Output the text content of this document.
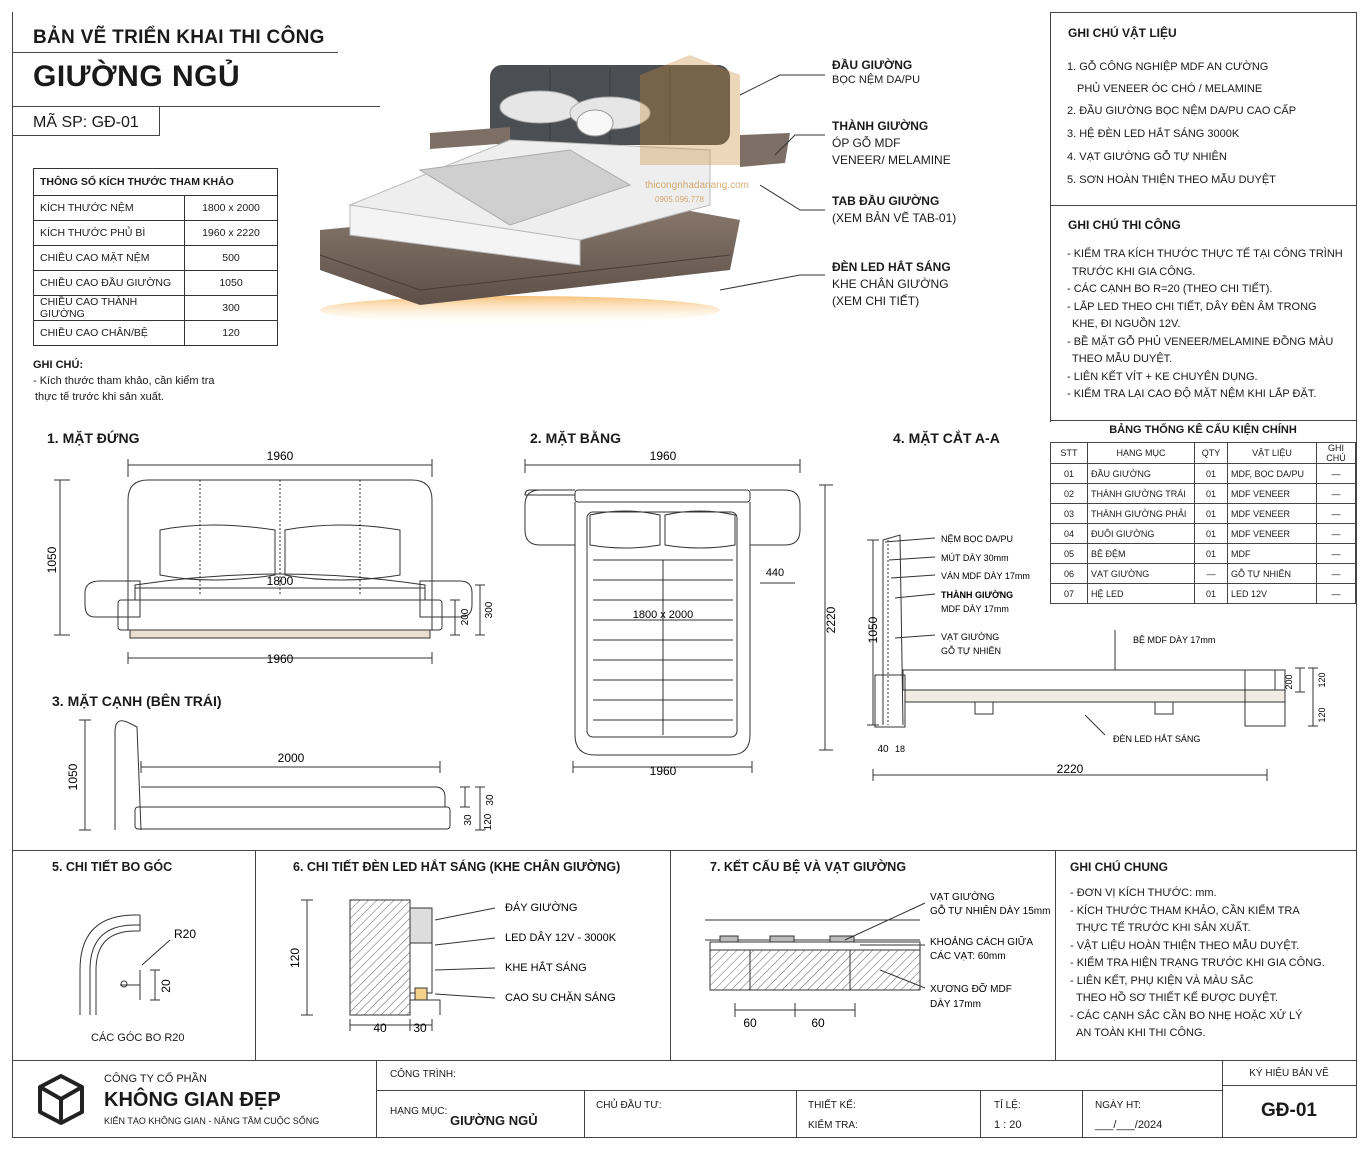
BẢN VẼ TRIỂN KHAI THI CÔNG
GIƯỜNG NGỦ
MÃ SP: GĐ-01
THÔNG SỐ KÍCH THƯỚC THAM KHẢO	
KÍCH THƯỚC NỆM	1800 x 2000
KÍCH THƯỚC PHỦ BÌ	1960 x 2220
CHIỀU CAO MẶT NỆM	500
CHIỀU CAO ĐẦU GIƯỜNG	1050
CHIỀU CAO THÀNH GIƯỜNG	300
CHIỀU CAO CHÂN/BỆ	120
GHI CHÚ:
- Kích thước tham khảo, cần kiểm tra
thực tế trước khi sản xuất.
thicongnhadanang.com
0905.096.778
ĐẦU GIƯỜNG
BỌC NỆM DA/PU
THÀNH GIƯỜNG
ÓP GỖ MDF
VENEER/ MELAMINE
TAB ĐẦU GIƯỜNG
(XEM BẢN VẼ TAB-01)
ĐÈN LED HẮT SÁNG
KHE CHÂN GIƯỜNG
(XEM CHI TIẾT)
GHI CHÚ VẬT LIỆU
1. GỖ CÔNG NGHIỆP MDF AN CƯỜNG
PHỦ VENEER ÓC CHÓ / MELAMINE
2. ĐẦU GIƯỜNG BỌC NỆM DA/PU CAO CẤP
3. HỆ ĐÈN LED HẮT SÁNG 3000K
4. VẠT GIƯỜNG GỖ TỰ NHIÊN
5. SƠN HOÀN THIỆN THEO MẪU DUYỆT
GHI CHÚ THI CÔNG
- KIỂM TRA KÍCH THƯỚC THỰC TẾ TẠI CÔNG TRÌNH
TRƯỚC KHI GIA CÔNG.
- CÁC CẠNH BO R=20 (THEO CHI TIẾT).
- LẮP LED THEO CHI TIẾT, DÂY ĐÈN ÂM TRONG
KHE, ĐI NGUỒN 12V.
- BỀ MẶT GỖ PHỦ VENEER/MELAMINE ĐỒNG MÀU
THEO MẪU DUYỆT.
- LIÊN KẾT VÍT + KE CHUYÊN DỤNG.
- KIỂM TRA LẠI CAO ĐỘ MẶT NỆM KHI LẮP ĐẶT.
BẢNG THỐNG KÊ CẤU KIỆN CHÍNH
STT	HẠNG MỤC	QTY	VẬT LIỆU	GHI CHÚ
01	ĐẦU GIƯỜNG	01	MDF, BỌC DA/PU	—
02	THÀNH GIƯỜNG TRÁI	01	MDF VENEER	—
03	THÀNH GIƯỜNG PHẢI	01	MDF VENEER	—
04	ĐUÔI GIƯỜNG	01	MDF VENEER	—
05	BỆ ĐỆM	01	MDF	—
06	VẠT GIƯỜNG	—	GỖ TỰ NHIÊN	—
07	HỆ LED	01	LED 12V	—
1. MẶT ĐỨNG
1960
1050
1800
1960
200 300
2. MẶT BẰNG
1960
1800 x 2000
440
2220
1960
3. MẶT CẠNH (BÊN TRÁI)
1050
2000
30
30 120
4. MẶT CẮT A-A
NỆM BỌC DA/PU
MÚT DÀY 30mm
VÁN MDF DÀY 17mm
THÀNH GIƯỜNG
MDF DÀY 17mm
VẠT GIƯỜNG
GỖ TỰ NHIÊN
BỆ MDF DÀY 17mm
ĐÈN LED HẮT SÁNG
1050
2220
40 18
200	120
120
5. CHI TIẾT BO GÓC
R20
20
CÁC GÓC BO R20
6. CHI TIẾT ĐÈN LED HẮT SÁNG (KHE CHÂN GIƯỜNG)
ĐÁY GIƯỜNG
LED DÂY 12V - 3000K
KHE HẮT SÁNG
CAO SU CHẶN SÁNG
120
40 30
7. KẾT CẤU BỆ VÀ VẠT GIƯỜNG
VẠT GIƯỜNG
GỖ TỰ NHIÊN DÀY 15mm
KHOẢNG CÁCH GIỮA
CÁC VẠT: 60mm
XƯƠNG ĐỠ MDF
DÀY 17mm
60	60
GHI CHÚ CHUNG
- ĐƠN VỊ KÍCH THƯỚC: mm.
- KÍCH THƯỚC THAM KHẢO, CẦN KIỂM TRA
THỰC TẾ TRƯỚC KHI SẢN XUẤT.
- VẬT LIỆU HOÀN THIỆN THEO MẪU DUYỆT.
- KIỂM TRA HIỆN TRẠNG TRƯỚC KHI GIA CÔNG.
- LIÊN KẾT, PHỤ KIỆN VÀ MÀU SẮC
THEO HỒ SƠ THIẾT KẾ ĐƯỢC DUYỆT.
- CÁC CẠNH SẮC CẦN BO NHẸ HOẶC XỬ LÝ
AN TOÀN KHI THI CÔNG.
CÔNG TY CỔ PHẦN
KHÔNG GIAN ĐẸP
KIẾN TẠO KHÔNG GIAN - NÂNG TẦM CUỘC SỐNG
CÔNG TRÌNH:
HẠNG MỤC:
GIƯỜNG NGỦ
CHỦ ĐẦU TƯ:	THIẾT KẾ:
KIỂM TRA:
TỈ LỆ:
1 : 20
NGÀY HT:
___/___/2024
KÝ HIỆU BẢN VẼ
GĐ-01
